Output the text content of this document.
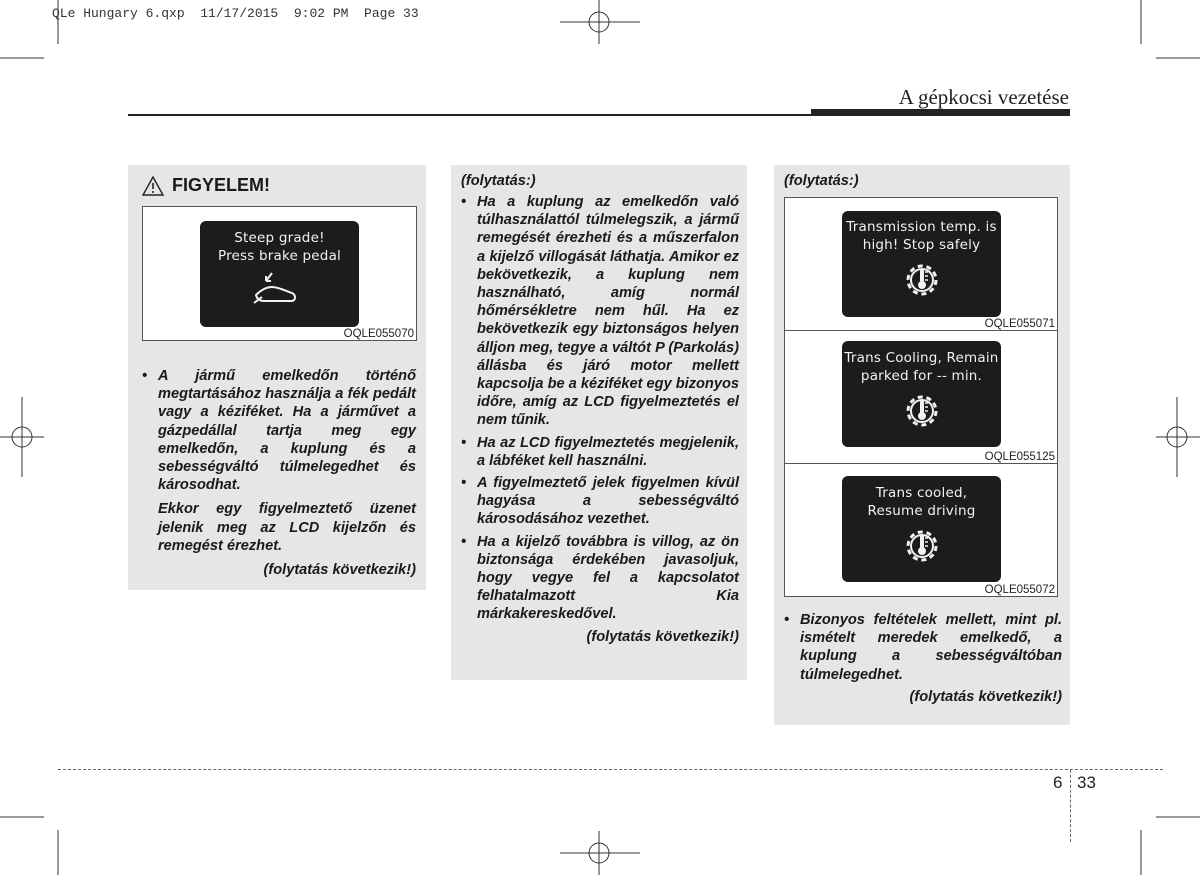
QLe Hungary 6.qxp  11/17/2015  9:02 PM  Page 33
A gépkocsi vezetése
FIGYELEM!
Steep grade!
Press brake pedal
OQLE055070
• A jármű emelkedőn történő megtartásához használja a fék pedált vagy a kéziféket. Ha a járművet a gázpedállal tartja meg egy emelkedőn, a kuplung és a sebességváltó túlmelegedhet és károsodhat.

Ekkor egy figyelmeztető üzenet jelenik meg az LCD kijelzőn és remegést érezhet.

(folytatás következik!)

(folytatás:)
• Ha a kuplung az emelkedőn való túlhasználattól túlmelegszik, a jármű remegését érezheti és a műszerfalon a kijelző villogását láthatja. Amikor ez bekövetkezik, a kuplung nem használható, amíg normál hőmérsékletre nem hűl. Ha ez bekövetkezik egy biztonságos helyen álljon meg, tegye a váltót P (Parkolás) állásba és járó motor mellett kapcsolja be a kéziféket egy bizonyos időre, amíg az LCD figyelmeztetés el nem tűnik.
• Ha az LCD figyelmeztetés megjelenik, a lábféket kell használni.
• A figyelmeztető jelek figyelmen kívül hagyása a sebességváltó károsodásához vezethet.
• Ha a kijelző továbbra is villog, az ön biztonsága érdekében javasoljuk, hogy vegye fel a kapcsolatot felhatalmazott Kia márkakereskedővel.

(folytatás következik!)

(folytatás:)
Transmission temp. is
high! Stop safely
OQLE055071
Trans Cooling, Remain
parked for -- min.
OQLE055125
Trans cooled,
Resume driving
OQLE055072
• Bizonyos feltételek mellett, mint pl. ismételt meredek emelkedő, a kuplung a sebességváltóban túlmelegedhet.

(folytatás következik!)

6 33
